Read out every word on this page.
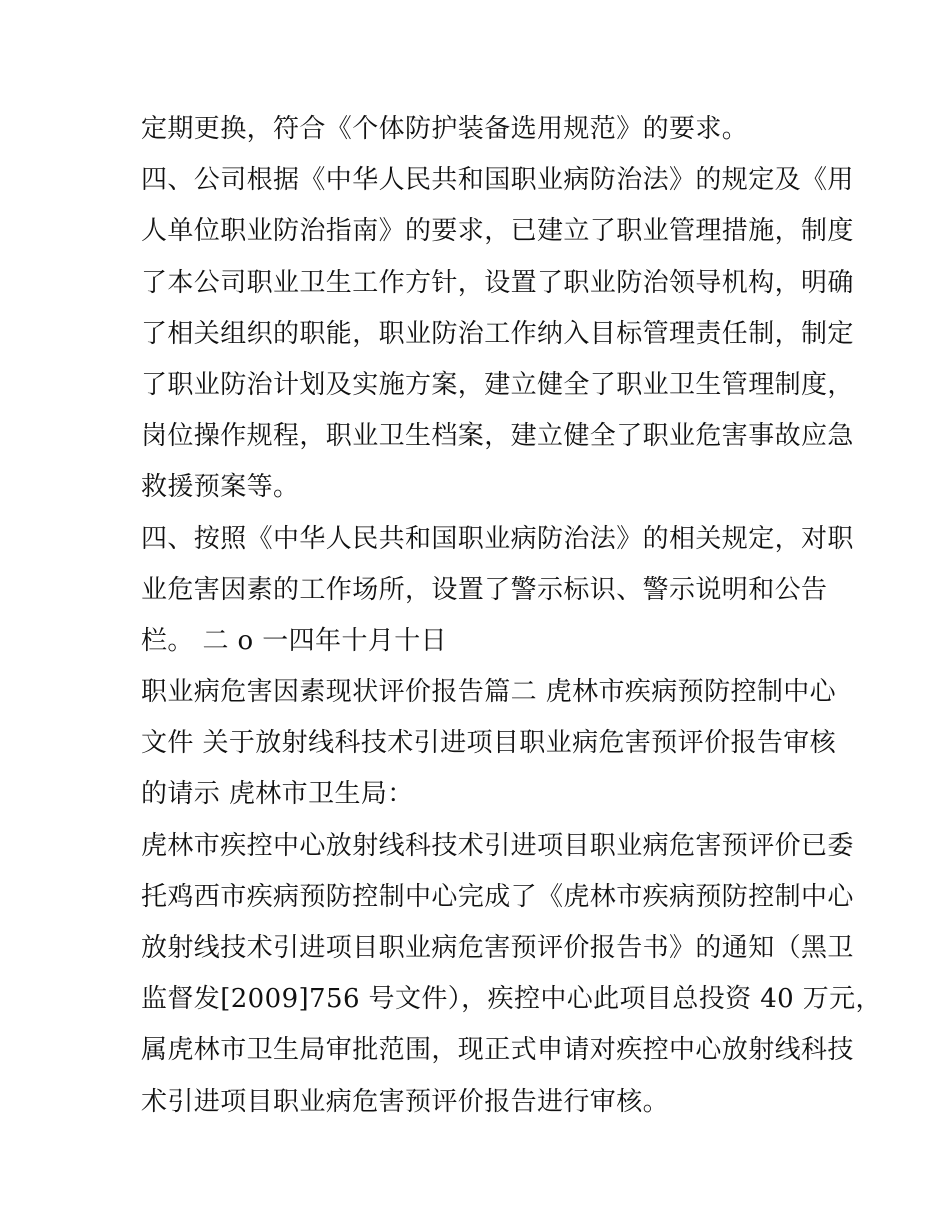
定期更换，符合《个体防护装备选用规范》的要求。
四、公司根据《中华人民共和国职业病防治法》的规定及《用
人单位职业防治指南》的要求，已建立了职业管理措施，制度
了本公司职业卫生工作方针，设置了职业防治领导机构，明确
了相关组织的职能，职业防治工作纳入目标管理责任制，制定
了职业防治计划及实施方案，建立健全了职业卫生管理制度，
岗位操作规程，职业卫生档案，建立健全了职业危害事故应急
救援预案等。
四、按照《中华人民共和国职业病防治法》的相关规定，对职
业危害因素的工作场所，设置了警示标识、警示说明和公告
栏。 二 o 一四年十月十日
职业病危害因素现状评价报告篇二 虎林市疾病预防控制中心
文件 关于放射线科技术引进项目职业病危害预评价报告审核
的请示 虎林市卫生局：
虎林市疾控中心放射线科技术引进项目职业病危害预评价已委
托鸡西市疾病预防控制中心完成了《虎林市疾病预防控制中心
放射线技术引进项目职业病危害预评价报告书》的通知（黑卫
监督发[2009]756 号文件），疾控中心此项目总投资 40 万元，
属虎林市卫生局审批范围，现正式申请对疾控中心放射线科技
术引进项目职业病危害预评价报告进行审核。
